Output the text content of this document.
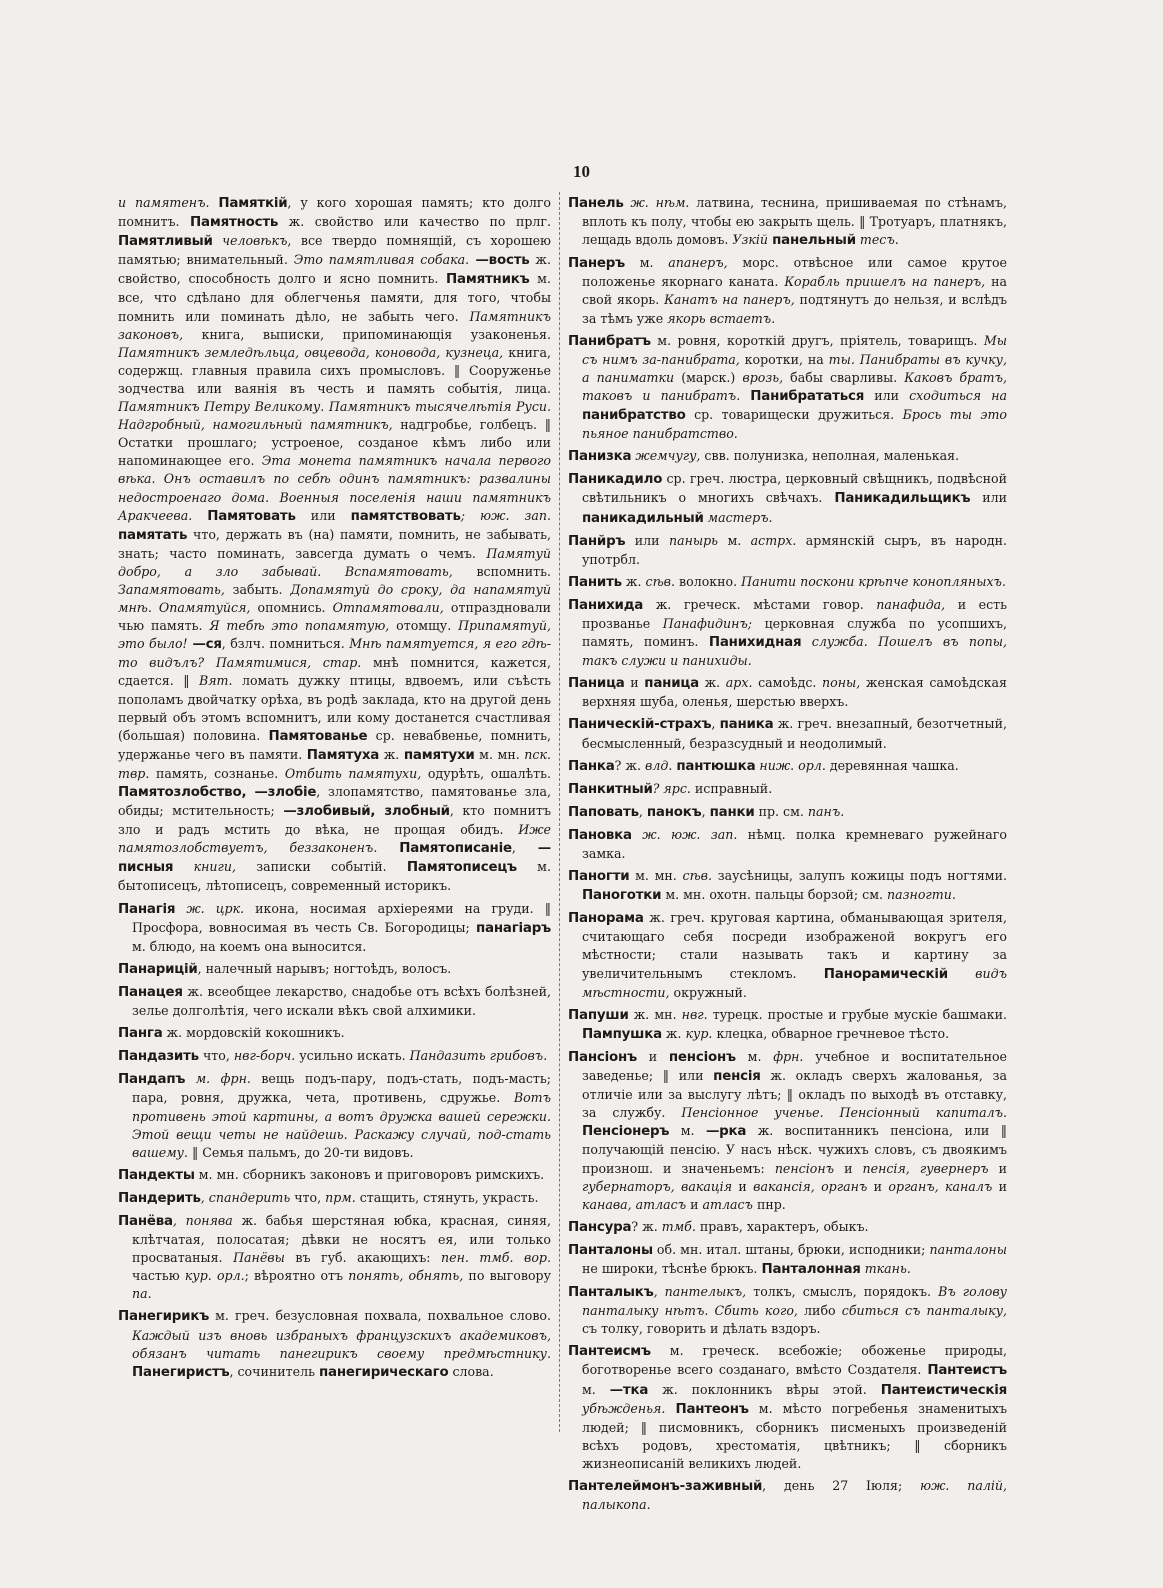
10

и памятенъ. Памяткій, у кого хорошая память; кто долго помнитъ. Памятность ж. свойство или качество по прлг. Памятливый человѣкъ, все твердо помнящій, съ хорошею памятью; внимательный. Это памятливая собака. —вость ж. свойство, способность долго и ясно помнить. Памятникъ м. все, что сдѣлано для облегченья памяти, для того, чтобы помнить или поминать дѣло, не забыть чего. Памятникъ законовъ, книга, выписки, припоминающія узаконенья. Памятникъ земледѣльца, овцевода, коновода, кузнеца, книга, содержщ. главныя правила сихъ промысловъ. ‖ Сооруженье зодчества или ваянія въ честь и память событія, лица. Памятникъ Петру Великому. Памятникъ тысячелѣтія Руси. Надгробный, намогильный памятникъ, надгробье, голбецъ. ‖ Остатки прошлаго; устроеное, созданое кѣмъ либо или напоминающее его. Эта монета памятникъ начала первого вѣка. Онъ оставилъ по себѣ одинъ памятникъ: развалины недостроенаго дома. Военныя поселенія наши памятникъ Аракчеева. Памятовать или памятствовать; юж. зап. памятать что, держать въ (на) памяти, помнить, не забывать, знать; часто поминать, завсегда думать о чемъ. Памятуй добро, а зло забывай. Вспамятовать, вспомнить. Запамятовать, забыть. Допамятуй до сроку, да напамятуй мнѣ. Опамятуйся, опомнись. Отпамятовали, отпраздновали чью память. Я тебѣ это попамятую, отомщу. Припамятуй, это было! —ся, бзлч. помниться. Мнѣ памятуется, я его гдѣ-то видълъ? Памятимися, стар. мнѣ помнится, кажется, сдается. ‖ Вят. ломать дужку птицы, вдвоемъ, или съѣсть пополамъ двойчатку орѣха, въ родѣ заклада, кто на другой день первый объ этомъ вспомнитъ, или кому достанется счастливая (большая) половина. Памятованье ср. невабвенье, помнить, удержанье чего въ памяти. Памятуха ж. памятухи м. мн. пск. твр. память, сознанье. Отбить памятухи, одурѣть, ошалѣть. Памятозлобство, —злобіе, злопамятство, памятованье зла, обиды; мстительность; —злобивый, злобный, кто помнитъ зло и радъ мстить до вѣка, не прощая обидъ. Иже памятозлобствуетъ, беззаконенъ. Памятописаніе, — писныя книги, записки событій. Памятописецъ м. бытописецъ, лѣтописецъ, современный историкъ.

Панагія ж. црк. икона, носимая архіереями на груди. ‖ Просфора, вовносимая въ честь Св. Богородицы; панагіаръ м. блюдо, на коемъ она выносится.

Панарицій, налечный нарывъ; ногтоѣдъ, волосъ.

Панацея ж. всеобщее лекарство, снадобье отъ всѣхъ болѣзней, зелье долголѣтія, чего искали вѣкъ свой алхимики.

Панга ж. мордовскій кокошникъ.

Пандазить что, нвг-борч. усильно искать. Пандазить грибовъ.

Пандапъ м. фрн. вещь подъ-пару, подъ-стать, подъ-масть; пара, ровня, дружка, чета, противень, сдружье. Вотъ противень этой картины, а вотъ дружка вашей сережки. Этой вещи четы не найдешь. Раскажу случай, под-стать вашему. ‖ Семья пальмъ, до 20-ти видовъ.

Пандекты м. мн. сборникъ законовъ и приговоровъ римскихъ.

Пандерить, спандерить что, прм. стащить, стянуть, украсть.

Панёва, понява ж. бабья шерстяная юбка, красная, синяя, клѣтчатая, полосатая; дѣвки не носятъ ея, или только просватаныя. Панёвы въ губ. акающихъ: пен. тмб. вор. частью кур. орл.; вѣроятно отъ понять, обнять, по выговору па.

Панегирикъ м. греч. безусловная похвала, похвальное слово. Каждый изъ вновь избраныхъ французскихъ академиковъ, обязанъ читать панегирикъ своему предмѣстнику. Панегиристъ, сочинитель панегирическаго слова.

Панель ж. нѣм. латвина, теснина, пришиваемая по стѣнамъ, вплоть къ полу, чтобы ею закрыть щель. ‖ Тротуаръ, платнякъ, лещадь вдоль домовъ. Узкій панельный тесъ.

Панеръ м. апанеръ, морс. отвѣсное или самое крутое положенье якорнаго каната. Корабль пришелъ на панеръ, на свой якорь. Канатъ на панеръ, подтянутъ до нельзя, и вслѣдъ за тѣмъ уже якорь встаетъ.

Панибратъ м. ровня, короткій другъ, пріятель, товарищъ. Мы съ нимъ за-панибрата, коротки, на ты. Панибраты въ кучку, а паниматки (марск.) врозь, бабы сварливы. Каковъ братъ, таковъ и панибратъ. Панибрататься или сходиться на панибратство ср. товарищески дружиться. Брось ты это пьяное панибратство.

Панизка жемчугу, свв. полунизка, неполная, маленькая.

Паникадило ср. греч. люстра, церковный свѣщникъ, подвѣсной свѣтильникъ о многихъ свѣчахъ. Паникадильщикъ или паникадильный мастеръ.

Панйръ или панырь м. астрх. армянскій сыръ, въ народн. употрбл.

Панить ж. сѣв. волокно. Панити поскони крѣпче конопляныхъ.

Панихида ж. греческ. мѣстами говор. панафида, и есть прозванье Панафидинъ; церковная служба по усопшихъ, память, поминъ. Панихидная служба. Пошелъ въ попы, такъ служи и панихиды.

Паница и паница ж. арх. самоѣдс. поны, женская самоѣдская верхняя шуба, оленья, шерстью вверхъ.

Паническій-страхъ, паника ж. греч. внезапный, безотчетный, бесмысленный, безразсудный и неодолимый.

Панка? ж. влд. пантюшка ниж. орл. деревянная чашка.

Панкитный? ярс. исправный.

Паповать, панокъ, панки пр. см. панъ.

Пановка ж. юж. зап. нѣмц. полка кремневаго ружейнаго замка.

Паногти м. мн. сѣв. заусѣницы, залупъ кожицы подъ ногтями. Паноготки м. мн. охотн. пальцы борзой; см. пазногти.

Панорама ж. греч. круговая картина, обманывающая зрителя, считающаго себя посреди изображеной вокругъ его мѣстности; стали называть такъ и картину за увеличительнымъ стекломъ. Панорамическій видъ мѣстности, окружный.

Папуши ж. мн. нвг. турецк. простые и грубые мускіе башмаки. Пампушка ж. кур. клецка, обварное гречневое тѣсто.

Пансіонъ и пенсіонъ м. фрн. учебное и воспитательное заведенье; ‖ или пенсія ж. окладъ сверхъ жалованья, за отличіе или за выслугу лѣтъ; ‖ окладъ по выходѣ въ отставку, за службу. Пенсіонное ученье. Пенсіонный капиталъ. Пенсіонеръ м. —рка ж. воспитанникъ пенсіона, или ‖ получающій пенсію. У насъ нѣск. чужихъ словъ, съ двоякимъ произнош. и значеньемъ: пенсіонъ и пенсія, гувернеръ и губернаторъ, вакація и вакансія, органъ и органъ, каналъ и канава, атласъ и атласъ пнр.

Пансура? ж. тмб. правъ, характеръ, обыкъ.

Панталоны об. мн. итал. штаны, брюки, исподники; панталоны не широки, тѣснѣе брюкъ. Панталонная ткань.

Панталыкъ, пантелыкъ, толкъ, смыслъ, порядокъ. Въ голову панталыку нѣтъ. Сбить кого, либо сбиться съ панталыку, съ толку, говорить и дѣлать вздоръ.

Пантеисмъ м. греческ. всебожіе; обоженье природы, боготворенье всего созданаго, вмѣсто Создателя. Пантеистъ м. —тка ж. поклонникъ вѣры этой. Пантеистическія убѣжденья. Пантеонъ м. мѣсто погребенья знаменитыхъ людей; ‖ писмовникъ, сборникъ писменыхъ произведеній всѣхъ родовъ, хрестоматія, цвѣтникъ; ‖ сборникъ жизнеописаній великихъ людей.

Пантелеймонъ-заживный, день 27 Іюля; юж. палій, палыкопа.
